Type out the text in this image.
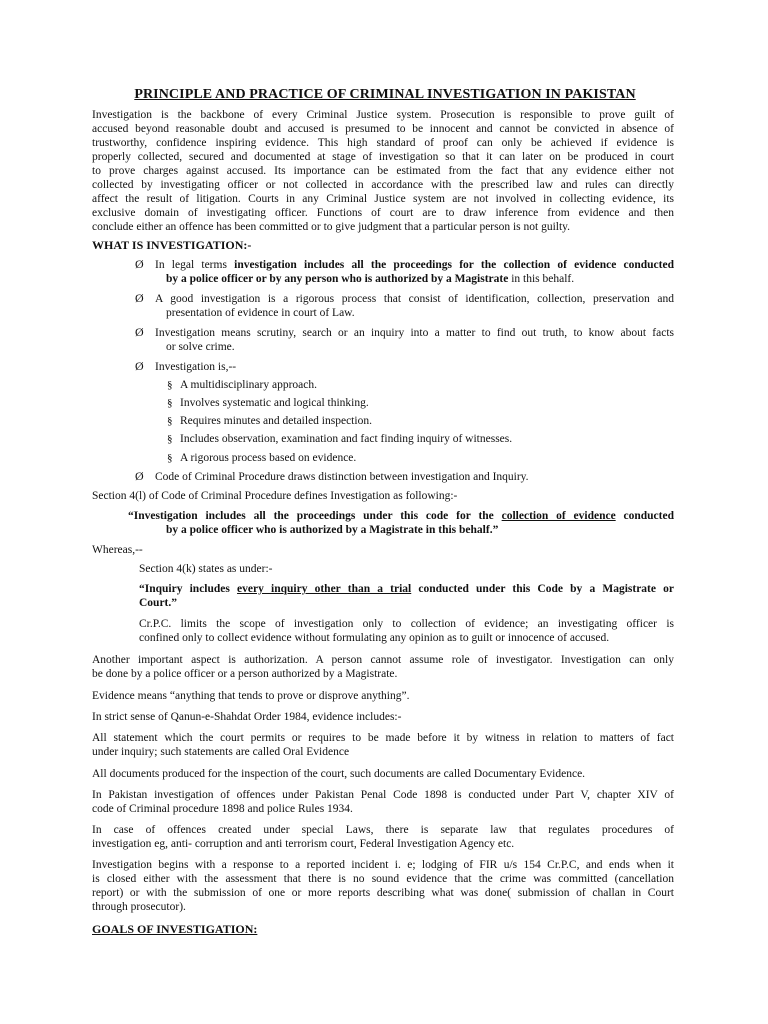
PRINCIPLE AND PRACTICE OF CRIMINAL INVESTIGATION IN PAKISTAN
Investigation is the backbone of every Criminal Justice system. Prosecution is responsible to prove guilt of
accused beyond reasonable doubt and accused is presumed to be innocent and cannot be convicted in absence of
trustworthy, confidence inspiring evidence. This high standard of proof can only be achieved if evidence is
properly collected, secured and documented at stage of investigation so that it can later on be produced in court
to prove charges against accused. Its importance can be estimated from the fact that any evidence either not
collected by investigating officer or not collected in accordance with the prescribed law and rules can directly
affect the result of litigation. Courts in any Criminal Justice system are not involved in collecting evidence, its
exclusive domain of investigating officer. Functions of court are to draw inference from evidence and then
conclude either an offence has been committed or to give judgment that a particular person is not guilty.
WHAT IS INVESTIGATION:-
Ø In legal terms investigation includes all the proceedings for the collection of evidence conducted
by a police officer or by any person who is authorized by a Magistrate in this behalf.
Ø A good investigation is a rigorous process that consist of identification, collection, preservation and
presentation of evidence in court of Law.
Ø Investigation means scrutiny, search or an inquiry into a matter to find out truth, to know about facts
or solve crime.
Ø Investigation is,--
§ A multidisciplinary approach.
§ Involves systematic and logical thinking.
§ Requires minutes and detailed inspection.
§ Includes observation, examination and fact finding inquiry of witnesses.
§ A rigorous process based on evidence.
Ø Code of Criminal Procedure draws distinction between investigation and Inquiry.
Section 4(l) of Code of Criminal Procedure defines Investigation as following:-
“Investigation includes all the proceedings under this code for the collection of evidence conducted
by a police officer who is authorized by a Magistrate in this behalf.”
Whereas,--
Section 4(k) states as under:-
“Inquiry includes every inquiry other than a trial conducted under this Code by a Magistrate or
Court.”
Cr.P.C. limits the scope of investigation only to collection of evidence; an investigating officer is
confined only to collect evidence without formulating any opinion as to guilt or innocence of accused.
Another important aspect is authorization. A person cannot assume role of investigator. Investigation can only
be done by a police officer or a person authorized by a Magistrate.
Evidence means “anything that tends to prove or disprove anything”.
In strict sense of Qanun-e-Shahdat Order 1984, evidence includes:-
All statement which the court permits or requires to be made before it by witness in relation to matters of fact
under inquiry; such statements are called Oral Evidence
All documents produced for the inspection of the court, such documents are called Documentary Evidence.
In Pakistan investigation of offences under Pakistan Penal Code 1898 is conducted under Part V, chapter XIV of
code of Criminal procedure 1898 and police Rules 1934.
In case of offences created under special Laws, there is separate law that regulates procedures of
investigation eg, anti- corruption and anti terrorism court, Federal Investigation Agency etc.
Investigation begins with a response to a reported incident i. e; lodging of FIR u/s 154 Cr.P.C, and ends when it
is closed either with the assessment that there is no sound evidence that the crime was committed (cancellation
report) or with the submission of one or more reports describing what was done( submission of challan in Court
through prosecutor).
GOALS OF INVESTIGATION:
